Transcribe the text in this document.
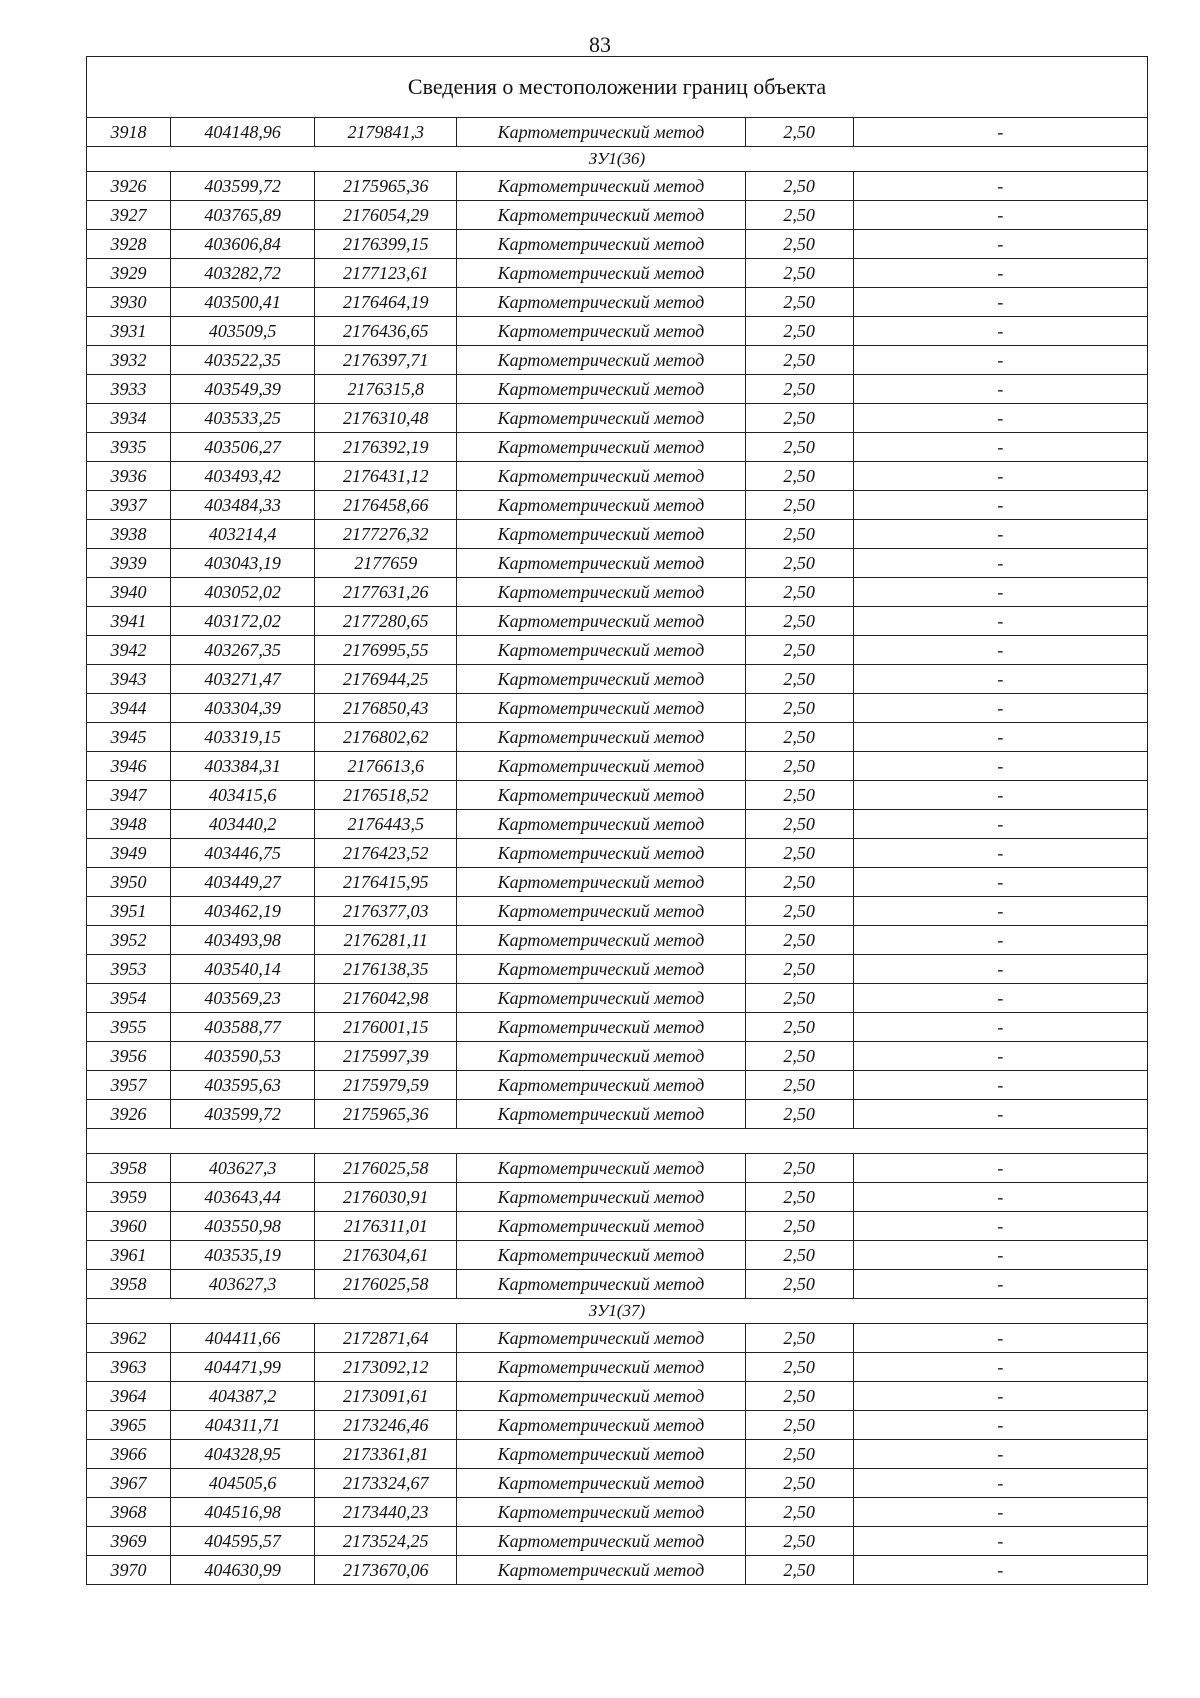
83
Сведения о местоположении границ объекта					
3918	404148,96	2179841,3	Картометрический метод	2,50	-
ЗУ1(36)					
3926	403599,72	2175965,36	Картометрический метод	2,50	-
3927	403765,89	2176054,29	Картометрический метод	2,50	-
3928	403606,84	2176399,15	Картометрический метод	2,50	-
3929	403282,72	2177123,61	Картометрический метод	2,50	-
3930	403500,41	2176464,19	Картометрический метод	2,50	-
3931	403509,5	2176436,65	Картометрический метод	2,50	-
3932	403522,35	2176397,71	Картометрический метод	2,50	-
3933	403549,39	2176315,8	Картометрический метод	2,50	-
3934	403533,25	2176310,48	Картометрический метод	2,50	-
3935	403506,27	2176392,19	Картометрический метод	2,50	-
3936	403493,42	2176431,12	Картометрический метод	2,50	-
3937	403484,33	2176458,66	Картометрический метод	2,50	-
3938	403214,4	2177276,32	Картометрический метод	2,50	-
3939	403043,19	2177659	Картометрический метод	2,50	-
3940	403052,02	2177631,26	Картометрический метод	2,50	-
3941	403172,02	2177280,65	Картометрический метод	2,50	-
3942	403267,35	2176995,55	Картометрический метод	2,50	-
3943	403271,47	2176944,25	Картометрический метод	2,50	-
3944	403304,39	2176850,43	Картометрический метод	2,50	-
3945	403319,15	2176802,62	Картометрический метод	2,50	-
3946	403384,31	2176613,6	Картометрический метод	2,50	-
3947	403415,6	2176518,52	Картометрический метод	2,50	-
3948	403440,2	2176443,5	Картометрический метод	2,50	-
3949	403446,75	2176423,52	Картометрический метод	2,50	-
3950	403449,27	2176415,95	Картометрический метод	2,50	-
3951	403462,19	2176377,03	Картометрический метод	2,50	-
3952	403493,98	2176281,11	Картометрический метод	2,50	-
3953	403540,14	2176138,35	Картометрический метод	2,50	-
3954	403569,23	2176042,98	Картометрический метод	2,50	-
3955	403588,77	2176001,15	Картометрический метод	2,50	-
3956	403590,53	2175997,39	Картометрический метод	2,50	-
3957	403595,63	2175979,59	Картометрический метод	2,50	-
3926	403599,72	2175965,36	Картометрический метод	2,50	-

3958	403627,3	2176025,58	Картометрический метод	2,50	-
3959	403643,44	2176030,91	Картометрический метод	2,50	-
3960	403550,98	2176311,01	Картометрический метод	2,50	-
3961	403535,19	2176304,61	Картометрический метод	2,50	-
3958	403627,3	2176025,58	Картометрический метод	2,50	-
ЗУ1(37)					
3962	404411,66	2172871,64	Картометрический метод	2,50	-
3963	404471,99	2173092,12	Картометрический метод	2,50	-
3964	404387,2	2173091,61	Картометрический метод	2,50	-
3965	404311,71	2173246,46	Картометрический метод	2,50	-
3966	404328,95	2173361,81	Картометрический метод	2,50	-
3967	404505,6	2173324,67	Картометрический метод	2,50	-
3968	404516,98	2173440,23	Картометрический метод	2,50	-
3969	404595,57	2173524,25	Картометрический метод	2,50	-
3970	404630,99	2173670,06	Картометрический метод	2,50	-
